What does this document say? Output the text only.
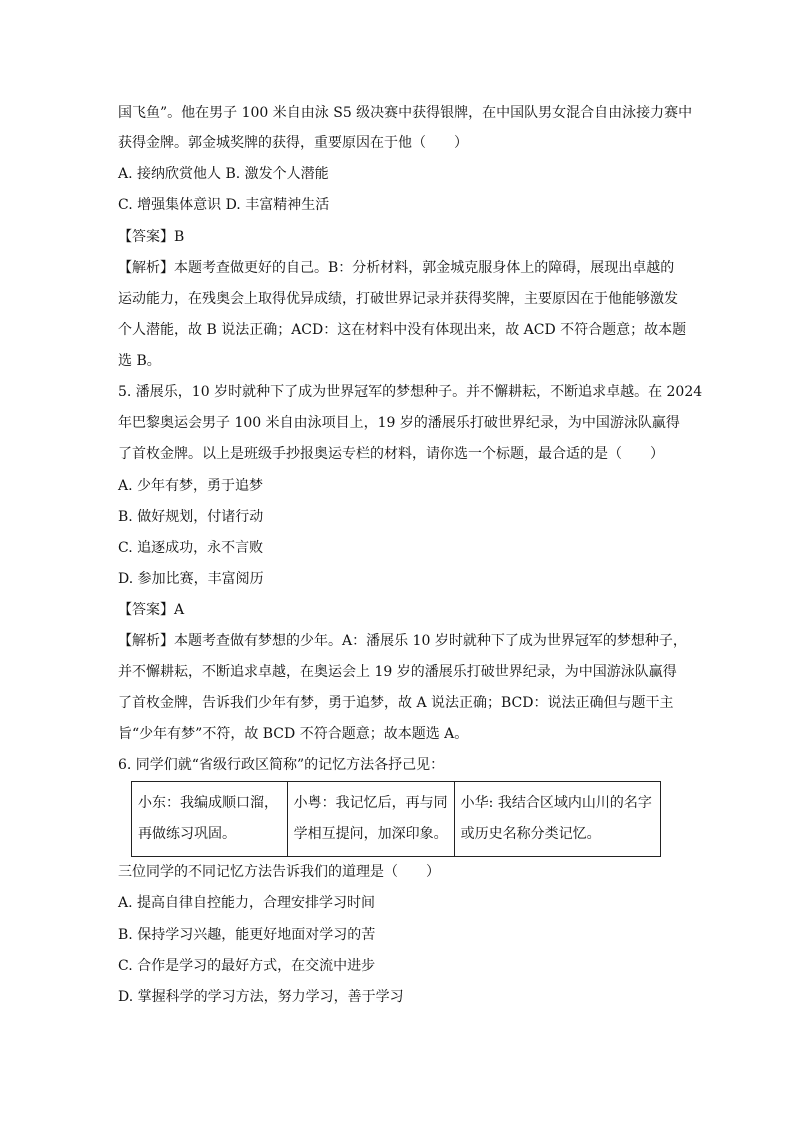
国飞鱼”。他在男子 100 米自由泳 S5 级决赛中获得银牌，在中国队男女混合自由泳接力赛中
获得金牌。郭金城奖牌的获得，重要原因在于他（　　）
A. 接纳欣赏他人 B. 激发个人潜能
C. 增强集体意识 D. 丰富精神生活
【答案】B
【解析】本题考查做更好的自己。B：分析材料，郭金城克服身体上的障碍，展现出卓越的
运动能力，在残奥会上取得优异成绩，打破世界记录并获得奖牌，主要原因在于他能够激发
个人潜能，故 B 说法正确；ACD：这在材料中没有体现出来，故 ACD 不符合题意；故本题
选 B。
5. 潘展乐，10 岁时就种下了成为世界冠军的梦想种子。并不懈耕耘，不断追求卓越。在 2024
年巴黎奥运会男子 100 米自由泳项目上，19 岁的潘展乐打破世界纪录，为中国游泳队赢得
了首枚金牌。以上是班级手抄报奥运专栏的材料，请你选一个标题，最合适的是（　　）
A. 少年有梦，勇于追梦
B. 做好规划，付诸行动
C. 追逐成功，永不言败
D. 参加比赛，丰富阅历
【答案】A
【解析】本题考查做有梦想的少年。A：潘展乐 10 岁时就种下了成为世界冠军的梦想种子，
并不懈耕耘，不断追求卓越，在奥运会上 19 岁的潘展乐打破世界纪录，为中国游泳队赢得
了首枚金牌，告诉我们少年有梦，勇于追梦，故 A 说法正确；BCD：说法正确但与题干主
旨“少年有梦”不符，故 BCD 不符合题意；故本题选 A。
6. 同学们就“省级行政区简称”的记忆方法各抒己见：
小东：我编成顺口溜，
再做练习巩固。

小粤：我记忆后，再与同
学相互提问，加深印象。

小华: 我结合区域内山川的名字
或历史名称分类记忆。
三位同学的不同记忆方法告诉我们的道理是（　　）
A. 提高自律自控能力，合理安排学习时间
B. 保持学习兴趣，能更好地面对学习的苦
C. 合作是学习的最好方式，在交流中进步
D. 掌握科学的学习方法，努力学习，善于学习
